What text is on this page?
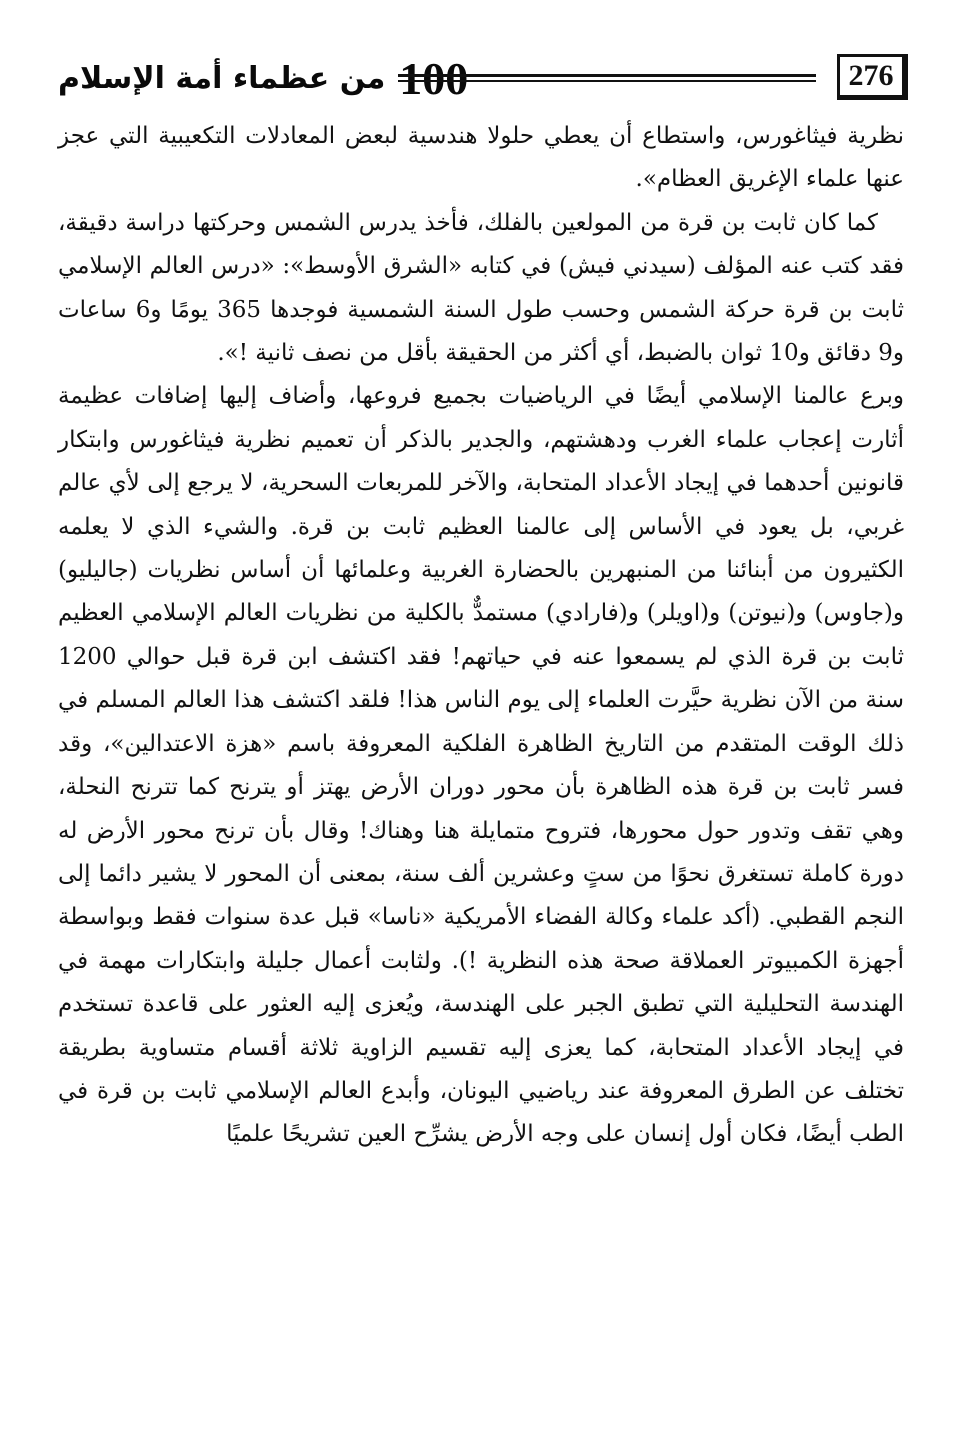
من عظماء أمة الإسلام 100	276

نظرية فيثاغورس، واستطاع أن يعطي حلولا هندسية لبعض المعادلات التكعيبية التي عجز عنها علماء الإغريق العظام».

كما كان ثابت بن قرة من المولعين بالفلك، فأخذ يدرس الشمس وحركتها دراسة دقيقة، فقد كتب عنه المؤلف (سيدني فيش) في كتابه «الشرق الأوسط»: «درس العالم الإسلامي ثابت بن قرة حركة الشمس وحسب طول السنة الشمسية فوجدها 365 يومًا و6 ساعات و9 دقائق و10 ثوان بالضبط، أي أكثر من الحقيقة بأقل من نصف ثانية !».

وبرع عالمنا الإسلامي أيضًا في الرياضيات بجميع فروعها، وأضاف إليها إضافات عظيمة أثارت إعجاب علماء الغرب ودهشتهم، والجدير بالذكر أن تعميم نظرية فيثاغورس وابتكار قانونين أحدهما في إيجاد الأعداد المتحابة، والآخر للمربعات السحرية، لا يرجع إلى لأي عالم غربي، بل يعود في الأساس إلى عالمنا العظيم ثابت بن قرة. والشيء الذي لا يعلمه الكثيرون من أبنائنا من المنبهرين بالحضارة الغربية وعلمائها أن أساس نظريات (جاليليو) و(جاوس) و(نيوتن) و(اويلر) و(فارادي) مستمدٌّ بالكلية من نظريات العالم الإسلامي العظيم ثابت بن قرة الذي لم يسمعوا عنه في حياتهم! فقد اكتشف ابن قرة قبل حوالي 1200 سنة من الآن نظرية حيَّرت العلماء إلى يوم الناس هذا! فلقد اكتشف هذا العالم المسلم في ذلك الوقت المتقدم من التاريخ الظاهرة الفلكية المعروفة باسم «هزة الاعتدالين»، وقد فسر ثابت بن قرة هذه الظاهرة بأن محور دوران الأرض يهتز أو يترنح كما تترنح النحلة، وهي تقف وتدور حول محورها، فتروح متمايلة هنا وهناك! وقال بأن ترنح محور الأرض له دورة كاملة تستغرق نحوًا من ستٍ وعشرين ألف سنة، بمعنى أن المحور لا يشير دائما إلى النجم القطبي. (أكد علماء وكالة الفضاء الأمريكية «ناسا» قبل عدة سنوات فقط وبواسطة أجهزة الكمبيوتر العملاقة صحة هذه النظرية !). ولثابت أعمال جليلة وابتكارات مهمة في الهندسة التحليلية التي تطبق الجبر على الهندسة، ويُعزى إليه العثور على قاعدة تستخدم في إيجاد الأعداد المتحابة، كما يعزى إليه تقسيم الزاوية ثلاثة أقسام متساوية بطريقة تختلف عن الطرق المعروفة عند رياضيي اليونان، وأبدع العالم الإسلامي ثابت بن قرة في الطب أيضًا، فكان أول إنسان على وجه الأرض يشرِّح العين تشريحًا علميًا
